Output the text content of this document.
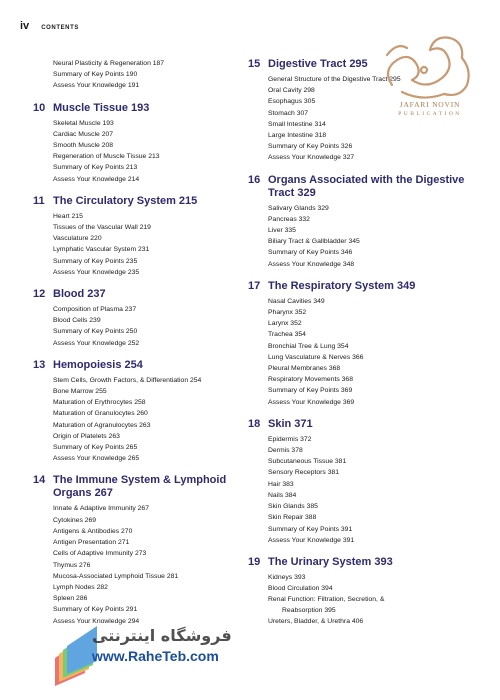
iv CONTENTS
Neural Plasticity & Regeneration 187
Summary of Key Points 190
Assess Your Knowledge 191
10 Muscle Tissue 193
Skeletal Muscle 193
Cardiac Muscle 207
Smooth Muscle 208
Regeneration of Muscle Tissue 213
Summary of Key Points 213
Assess Your Knowledge 214
11 The Circulatory System 215
Heart 215
Tissues of the Vascular Wall 219
Vasculature 220
Lymphatic Vascular System 231
Summary of Key Points 235
Assess Your Knowledge 235
12 Blood 237
Composition of Plasma 237
Blood Cells 239
Summary of Key Points 250
Assess Your Knowledge 252
13 Hemopoiesis 254
Stem Cells, Growth Factors, & Differentiation 254
Bone Marrow 255
Maturation of Erythrocytes 258
Maturation of Granulocytes 260
Maturation of Agranulocytes 263
Origin of Platelets 263
Summary of Key Points 265
Assess Your Knowledge 265
14 The Immune System & Lymphoid Organs 267
Innate & Adaptive Immunity 267
Cytokines 269
Antigens & Antibodies 270
Antigen Presentation 271
Cells of Adaptive Immunity 273
Thymus 276
Mucosa-Associated Lymphoid Tissue 281
Lymph Nodes 282
Spleen 286
Summary of Key Points 291
Assess Your Knowledge 294
15 Digestive Tract 295
General Structure of the Digestive Tract 295
Oral Cavity 298
Esophagus 305
Stomach 307
Small Intestine 314
Large Intestine 318
Summary of Key Points 326
Assess Your Knowledge 327
16 Organs Associated with the Digestive Tract 329
Salivary Glands 329
Pancreas 332
Liver 335
Biliary Tract & Gallbladder 345
Summary of Key Points 346
Assess Your Knowledge 348
17 The Respiratory System 349
Nasal Cavities 349
Pharynx 352
Larynx 352
Trachea 354
Bronchial Tree & Lung 354
Lung Vasculature & Nerves 366
Pleural Membranes 368
Respiratory Movements 368
Summary of Key Points 369
Assess Your Knowledge 369
18 Skin 371
Epidermis 372
Dermis 378
Subcutaneous Tissue 381
Sensory Receptors 381
Hair 383
Nails 384
Skin Glands 385
Skin Repair 388
Summary of Key Points 391
Assess Your Knowledge 391
19 The Urinary System 393
Kidneys 393
Blood Circulation 394
Renal Function: Filtration, Secretion, &
Reabsorption 395
Ureters, Bladder, & Urethra 406
JAFARI NOVIN
PUBLICATION
فروشگاه اینترنتی
www.RaheTeb.com
